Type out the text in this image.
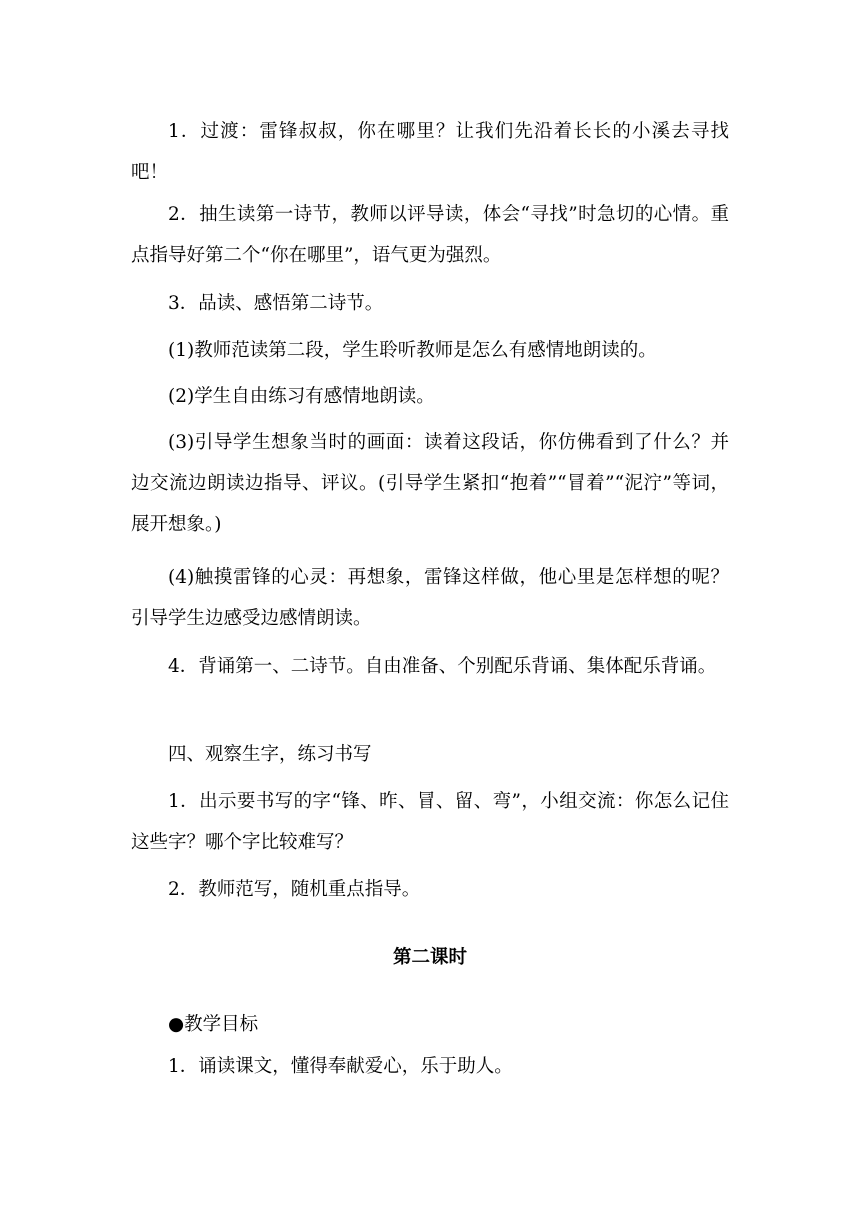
1．过渡：雷锋叔叔，你在哪里？让我们先沿着长长的小溪去寻找吧！

2．抽生读第一诗节，教师以评导读，体会“寻找”时急切的心情。重点指导好第二个“你在哪里”，语气更为强烈。

3．品读、感悟第二诗节。

(1)教师范读第二段，学生聆听教师是怎么有感情地朗读的。

(2)学生自由练习有感情地朗读。

(3)引导学生想象当时的画面：读着这段话，你仿佛看到了什么？并边交流边朗读边指导、评议。(引导学生紧扣“抱着”“冒着”“泥泞”等词，展开想象。)

(4)触摸雷锋的心灵：再想象，雷锋这样做，他心里是怎样想的呢？引导学生边感受边感情朗读。

4．背诵第一、二诗节。自由准备、个别配乐背诵、集体配乐背诵。

四、观察生字，练习书写

1．出示要书写的字“锋、昨、冒、留、弯”，小组交流：你怎么记住这些字？哪个字比较难写？

2．教师范写，随机重点指导。

第二课时

●教学目标

1．诵读课文，懂得奉献爱心，乐于助人。
